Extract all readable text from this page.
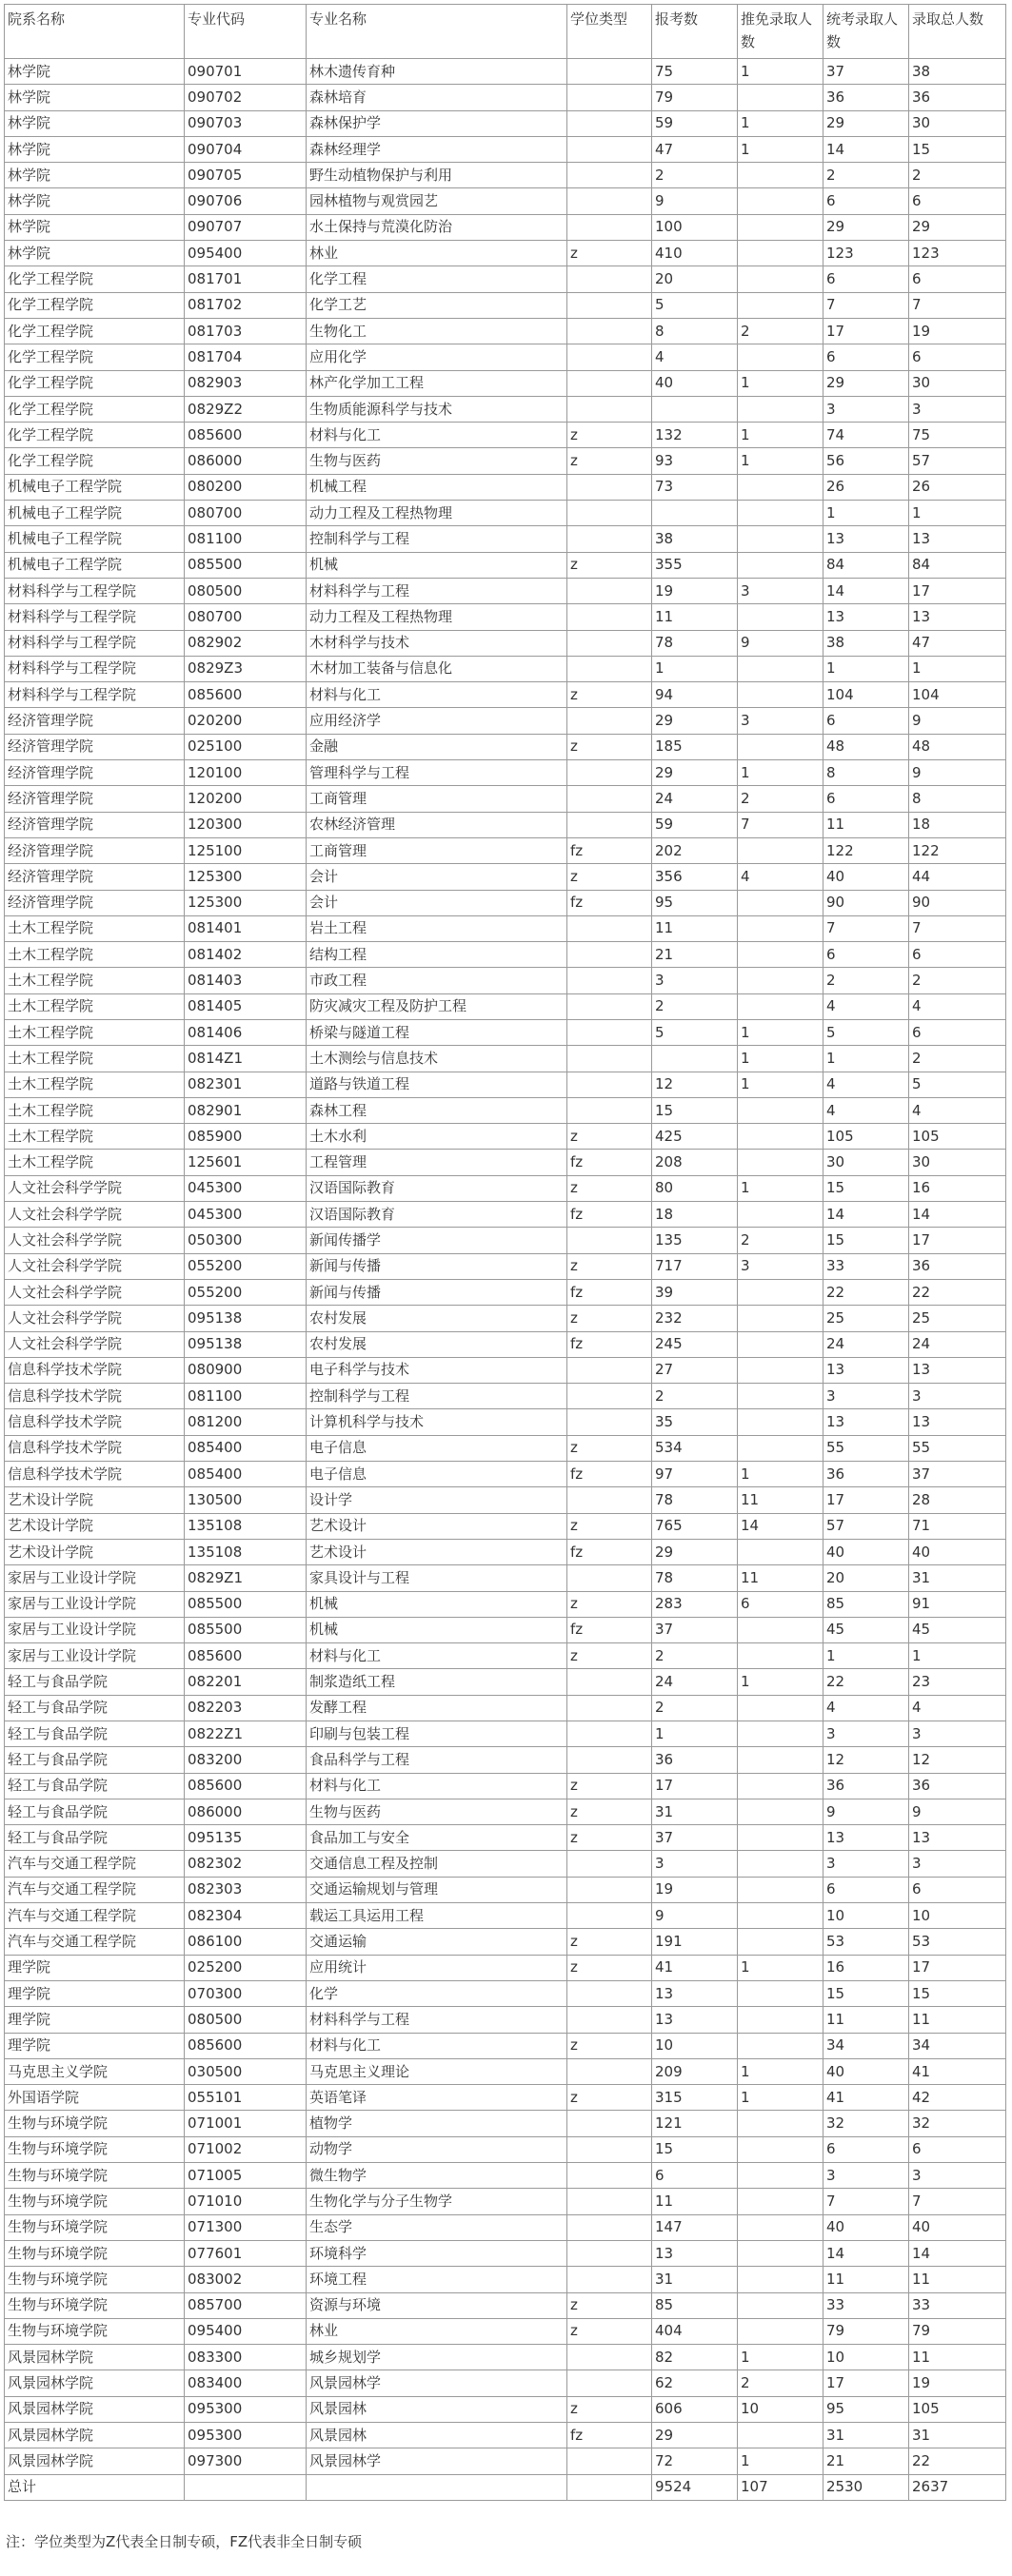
院系名称	专业代码	专业名称	学位类型	报考数	推免录取人数	统考录取人数	录取总人数
林学院	090701	林木遗传育种		75	1	37	38
林学院	090702	森林培育		79		36	36
林学院	090703	森林保护学		59	1	29	30
林学院	090704	森林经理学		47	1	14	15
林学院	090705	野生动植物保护与利用		2		2	2
林学院	090706	园林植物与观赏园艺		9		6	6
林学院	090707	水土保持与荒漠化防治		100		29	29
林学院	095400	林业	z	410		123	123
化学工程学院	081701	化学工程		20		6	6
化学工程学院	081702	化学工艺		5		7	7
化学工程学院	081703	生物化工		8	2	17	19
化学工程学院	081704	应用化学		4		6	6
化学工程学院	082903	林产化学加工工程		40	1	29	30
化学工程学院	0829Z2	生物质能源科学与技术				3	3
化学工程学院	085600	材料与化工	z	132	1	74	75
化学工程学院	086000	生物与医药	z	93	1	56	57
机械电子工程学院	080200	机械工程		73		26	26
机械电子工程学院	080700	动力工程及工程热物理				1	1
机械电子工程学院	081100	控制科学与工程		38		13	13
机械电子工程学院	085500	机械	z	355		84	84
材料科学与工程学院	080500	材料科学与工程		19	3	14	17
材料科学与工程学院	080700	动力工程及工程热物理		11		13	13
材料科学与工程学院	082902	木材科学与技术		78	9	38	47
材料科学与工程学院	0829Z3	木材加工装备与信息化		1		1	1
材料科学与工程学院	085600	材料与化工	z	94		104	104
经济管理学院	020200	应用经济学		29	3	6	9
经济管理学院	025100	金融	z	185		48	48
经济管理学院	120100	管理科学与工程		29	1	8	9
经济管理学院	120200	工商管理		24	2	6	8
经济管理学院	120300	农林经济管理		59	7	11	18
经济管理学院	125100	工商管理	fz	202		122	122
经济管理学院	125300	会计	z	356	4	40	44
经济管理学院	125300	会计	fz	95		90	90
土木工程学院	081401	岩土工程		11		7	7
土木工程学院	081402	结构工程		21		6	6
土木工程学院	081403	市政工程		3		2	2
土木工程学院	081405	防灾减灾工程及防护工程		2		4	4
土木工程学院	081406	桥梁与隧道工程		5	1	5	6
土木工程学院	0814Z1	土木测绘与信息技术			1	1	2
土木工程学院	082301	道路与铁道工程		12	1	4	5
土木工程学院	082901	森林工程		15		4	4
土木工程学院	085900	土木水利	z	425		105	105
土木工程学院	125601	工程管理	fz	208		30	30
人文社会科学学院	045300	汉语国际教育	z	80	1	15	16
人文社会科学学院	045300	汉语国际教育	fz	18		14	14
人文社会科学学院	050300	新闻传播学		135	2	15	17
人文社会科学学院	055200	新闻与传播	z	717	3	33	36
人文社会科学学院	055200	新闻与传播	fz	39		22	22
人文社会科学学院	095138	农村发展	z	232		25	25
人文社会科学学院	095138	农村发展	fz	245		24	24
信息科学技术学院	080900	电子科学与技术		27		13	13
信息科学技术学院	081100	控制科学与工程		2		3	3
信息科学技术学院	081200	计算机科学与技术		35		13	13
信息科学技术学院	085400	电子信息	z	534		55	55
信息科学技术学院	085400	电子信息	fz	97	1	36	37
艺术设计学院	130500	设计学		78	11	17	28
艺术设计学院	135108	艺术设计	z	765	14	57	71
艺术设计学院	135108	艺术设计	fz	29		40	40
家居与工业设计学院	0829Z1	家具设计与工程		78	11	20	31
家居与工业设计学院	085500	机械	z	283	6	85	91
家居与工业设计学院	085500	机械	fz	37		45	45
家居与工业设计学院	085600	材料与化工	z	2		1	1
轻工与食品学院	082201	制浆造纸工程		24	1	22	23
轻工与食品学院	082203	发酵工程		2		4	4
轻工与食品学院	0822Z1	印刷与包装工程		1		3	3
轻工与食品学院	083200	食品科学与工程		36		12	12
轻工与食品学院	085600	材料与化工	z	17		36	36
轻工与食品学院	086000	生物与医药	z	31		9	9
轻工与食品学院	095135	食品加工与安全	z	37		13	13
汽车与交通工程学院	082302	交通信息工程及控制		3		3	3
汽车与交通工程学院	082303	交通运输规划与管理		19		6	6
汽车与交通工程学院	082304	载运工具运用工程		9		10	10
汽车与交通工程学院	086100	交通运输	z	191		53	53
理学院	025200	应用统计	z	41	1	16	17
理学院	070300	化学		13		15	15
理学院	080500	材料科学与工程		13		11	11
理学院	085600	材料与化工	z	10		34	34
马克思主义学院	030500	马克思主义理论		209	1	40	41
外国语学院	055101	英语笔译	z	315	1	41	42
生物与环境学院	071001	植物学		121		32	32
生物与环境学院	071002	动物学		15		6	6
生物与环境学院	071005	微生物学		6		3	3
生物与环境学院	071010	生物化学与分子生物学		11		7	7
生物与环境学院	071300	生态学		147		40	40
生物与环境学院	077601	环境科学		13		14	14
生物与环境学院	083002	环境工程		31		11	11
生物与环境学院	085700	资源与环境	z	85		33	33
生物与环境学院	095400	林业	z	404		79	79
风景园林学院	083300	城乡规划学		82	1	10	11
风景园林学院	083400	风景园林学		62	2	17	19
风景园林学院	095300	风景园林	z	606	10	95	105
风景园林学院	095300	风景园林	fz	29		31	31
风景园林学院	097300	风景园林学		72	1	21	22
总计				9524	107	2530	2637
注：学位类型为Z代表全日制专硕，FZ代表非全日制专硕
